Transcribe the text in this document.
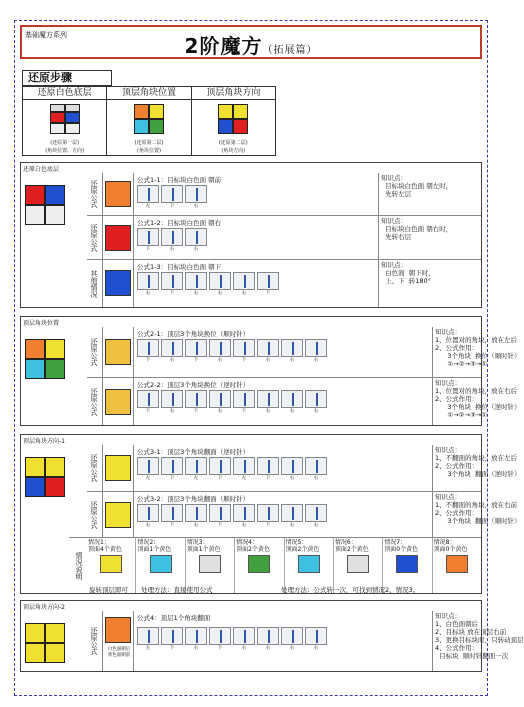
基础魔方系列	2阶魔方（拓展篇）
还原步骤
还原白色底层
(还原第一层)
(角块位置、方向)
顶层角块位置
(还原第二层)
(角块位置)
顶层角块方向
(还原第二层)
(角块方向)
还原白色底层
还原公式	公式1-1：目标块白色面 朝前
左	下	右
知识点：
目标块白色面 朝左时，
先转左层
还原公式
公式1-2：目标块白色面 朝右
下	右	右
知识点：
目标块白色面 朝右时，
先转右层
其他情况
公式1-3：目标块白色面 朝下
右	下	右	右	右	下
知识点：
白色面  朝下时，
上、下  转180°
顶层角块位置
还原公式
公式2-1：顶层3个角块换位（顺时针）
下	右	下	右	下	右	右	右
知识点：
1、位置对的角块，放在左后
2、公式作用：
3个角块  换位（顺时针）
①→②→③→①
还原公式
公式2-2：顶层3个角块换位（逆时针）
下	右	下	右	下	右	右	右
知识点：
1、位置对的角块，放在右后
2、公式作用：
3个角块  换位（逆时针）
①→②→③→①
顶层角块方向-1
还原公式
公式3-1：顶层3个角块翻面（逆时针）
左	下	左	下	左	下	右	右
知识点：
1、不翻面的角块，放在左后
2、公式作用：
3个角块  翻面（逆时针）
还原公式
公式3-2：顶层3个角块翻面（顺时针）
右	下	右	下	右	下	右	右
知识点：
1、不翻面的角块，放在右前
2、公式作用：
3个角块  翻面（顺时针）
情况说明
情况1：
顶面4个黄色
情况2：
顶面1个黄色
情况3：
顶面1个黄色
情况4：
顶面2个黄色
情况5：
顶面2个黄色
情况6：
顶面2个黄色
情况7：
顶面0个黄色
情况8：
顶面0个黄色
旋转顶层即可 处理方法：直接使用公式	处理方法：公式转一次，可找到情况2、情况3。
顶层角块方向-2
还原公式	白色面朝后
黄色面朝前
公式4：顶层1个角块翻面
左	下	右	下	右	右	右	右
知识点：
1、白色面朝后
2、目标块 放在顶层右前
3、更换目标块时，只转动顶层
4、公式作用：
目标块  顺时针翻面一次
